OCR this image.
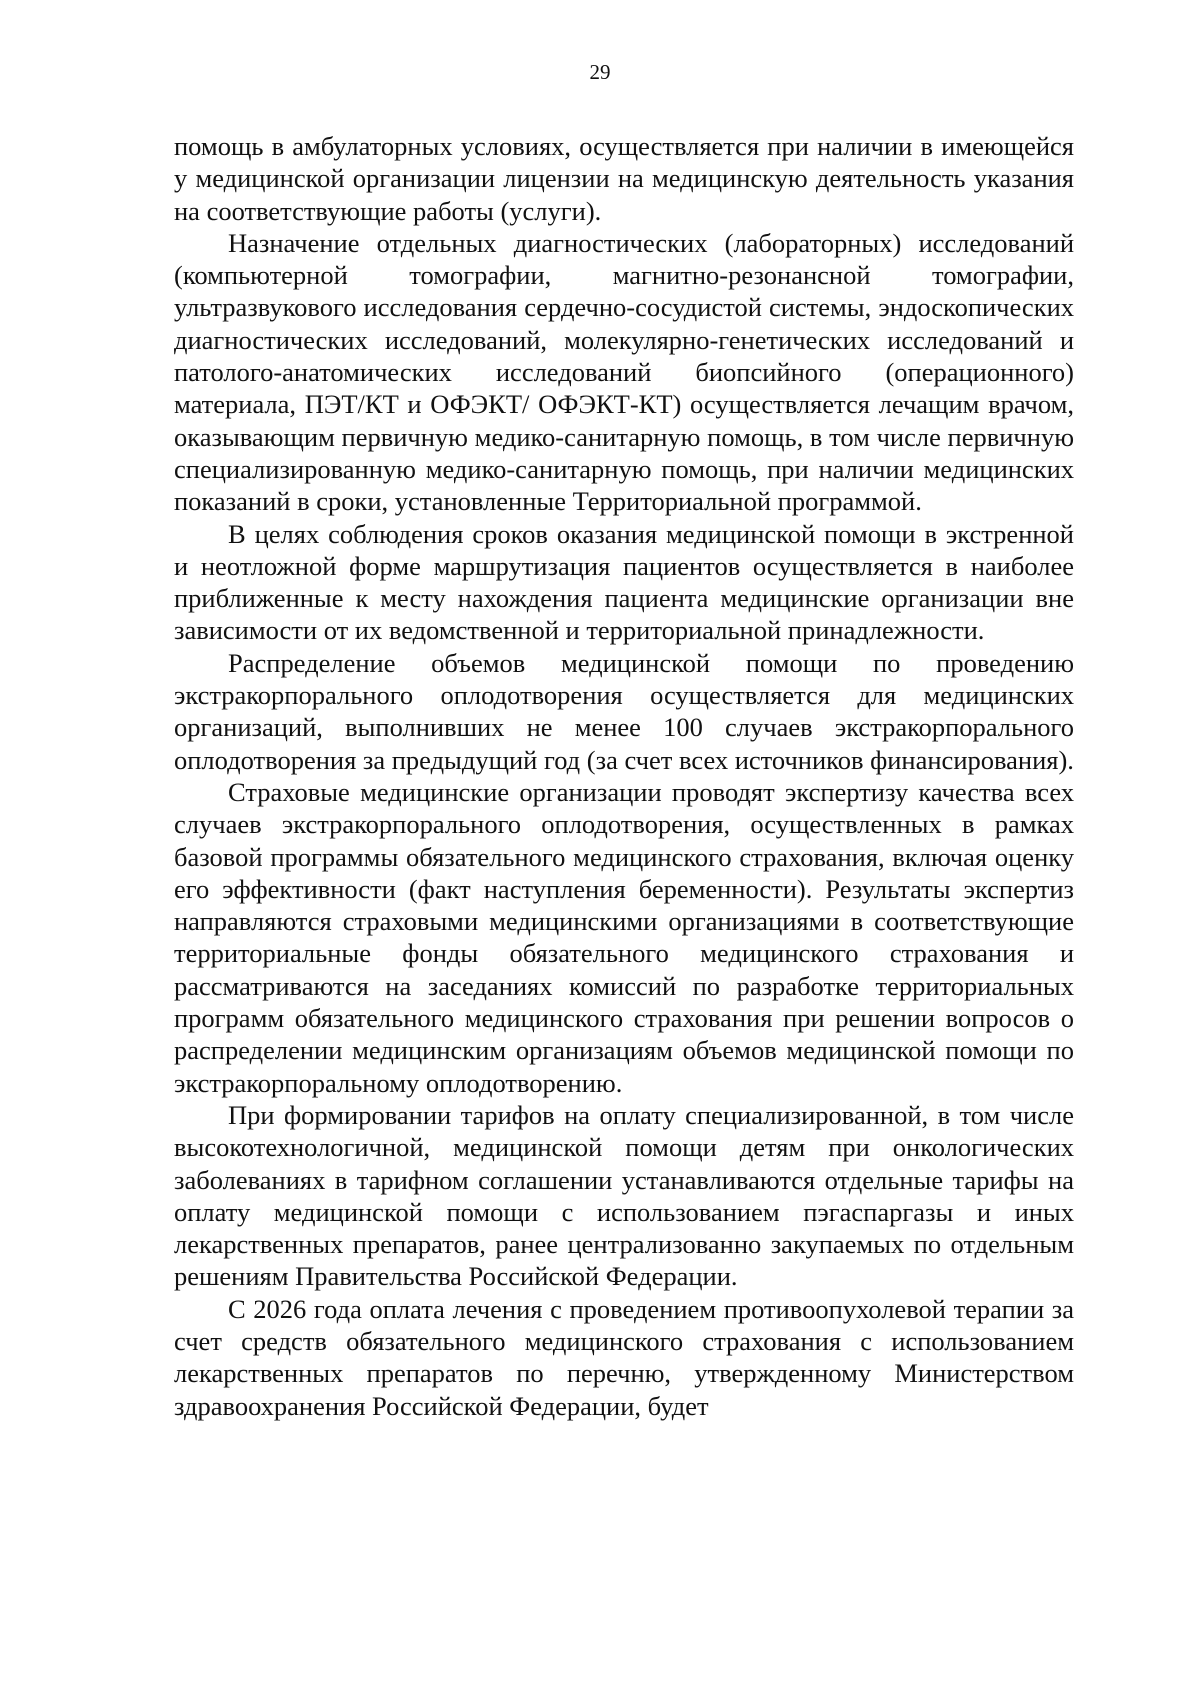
29

помощь в амбулаторных условиях, осуществляется при наличии в имеющейся у медицинской организации лицензии на медицинскую деятельность указания на соответствующие работы (услуги).

Назначение отдельных диагностических (лабораторных) исследований (компьютерной томографии, магнитно-резонансной томографии, ультразвукового исследования сердечно-сосудистой системы, эндоскопических диагностических исследований, молекулярно-генетических исследований и патолого-анатомических исследований биопсийного (операционного) материала, ПЭТ/КТ и ОФЭКТ/ ОФЭКТ-КТ) осуществляется лечащим врачом, оказывающим первичную медико-санитарную помощь, в том числе первичную специализированную медико-санитарную помощь, при наличии медицинских показаний в сроки, установленные Территориальной программой.

В целях соблюдения сроков оказания медицинской помощи в экстренной и неотложной форме маршрутизация пациентов осуществляется в наиболее приближенные к месту нахождения пациента медицинские организации вне зависимости от их ведомственной и территориальной принадлежности.

Распределение объемов медицинской помощи по проведению экстракорпорального оплодотворения осуществляется для медицинских организаций, выполнивших не менее 100 случаев экстракорпорального оплодотворения за предыдущий год (за счет всех источников финансирования).

Страховые медицинские организации проводят экспертизу качества всех случаев экстракорпорального оплодотворения, осуществленных в рамках базовой программы обязательного медицинского страхования, включая оценку его эффективности (факт наступления беременности). Результаты экспертиз направляются страховыми медицинскими организациями в соответствующие территориальные фонды обязательного медицинского страхования и рассматриваются на заседаниях комиссий по разработке территориальных программ обязательного медицинского страхования при решении вопросов о распределении медицинским организациям объемов медицинской помощи по экстракорпоральному оплодотворению.

При формировании тарифов на оплату специализированной, в том числе высокотехнологичной, медицинской помощи детям при онкологических заболеваниях в тарифном соглашении устанавливаются отдельные тарифы на оплату медицинской помощи с использованием пэгаспаргазы и иных лекарственных препаратов, ранее централизованно закупаемых по отдельным решениям Правительства Российской Федерации.

С 2026 года оплата лечения с проведением противоопухолевой терапии за счет средств обязательного медицинского страхования с использованием лекарственных препаратов по перечню, утвержденному Министерством здравоохранения Российской Федерации, будет
